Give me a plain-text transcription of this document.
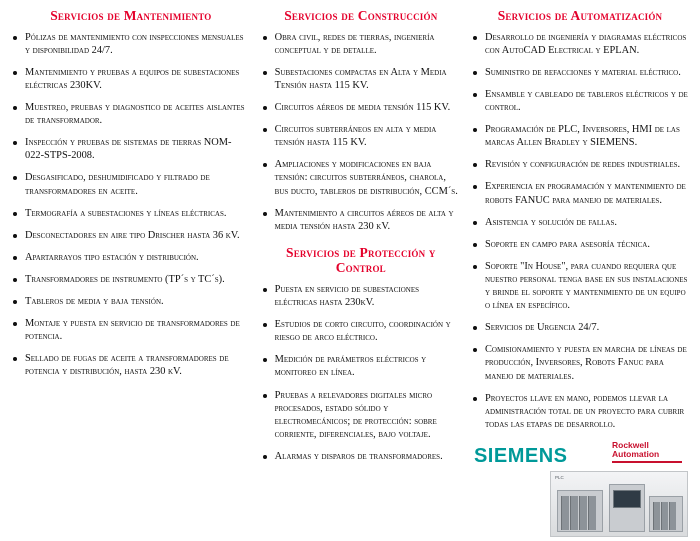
Servicios de Mantenimiento
Pólizas de mantenimiento con inspecciones mensuales y disponibilidad 24/7.
Mantenimiento y pruebas a equipos de subestaciones eléctricas 230KV.
Muestreo, pruebas y diagnostico de aceites aislantes de transformador.
Inspección y pruebas de sistemas de tierras NOM-022-STPS-2008.
Desgasificado, deshumidificado y filtrado de transformadores en aceite.
Termografía a subestaciones y líneas eléctricas.
Desconectadores en aire tipo Drischer hasta 36 kV.
Apartarrayos tipo estación y distribución.
Transformadores de instrumento (TP´s y TC´s).
Tableros de media y baja tensión.
Montaje y puesta en servicio de transformadores de potencia.
Sellado de fugas de aceite a transformadores de potencia y distribución, hasta 230 kV.
Servicios de Construcción
Obra civil, redes de tierras, ingeniería conceptual y de detalle.
Subestaciones compactas en Alta y Media Tensión hasta 115 KV.
Circuitos aéreos de media tensión 115 KV.
Circuitos subterráneos en alta y media tensión hasta 115 KV.
Ampliaciones y modificaciones en baja tensión: circuitos subterráneos, charola, bus ducto, tableros de distribución, CCM´s.
Mantenimiento a circuitos aéreos de alta y media tensión hasta 230 kV.
Servicios de Protección y Control
Puesta en servicio de subestaciones eléctricas hasta 230kV.
Estudios de corto circuito, coordinación y riesgo de arco eléctrico.
Medición de parámetros eléctricos y monitoreo en línea.
Pruebas a relevadores digitales micro procesados, estado sólido y electromecánicos; de protección: sobre corriente, diferenciales, bajo voltaje.
Alarmas y disparos de transformadores.
Servicios de Automatización
Desarrollo de ingeniería y diagramas eléctricos con AutoCAD Electrical y EPLAN.
Suministro de refacciones y material eléctrico.
Ensamble y cableado de tableros eléctricos y de control.
Programación de PLC, Inversores, HMI de las marcas Allen Bradley y SIEMENS.
Revisión y configuración de redes industriales.
Experiencia en programación y mantenimiento de robots FANUC para manejo de materiales.
Asistencia y solución de fallas.
Soporte en campo para asesoría técnica.
Soporte "In House", para cuando requiera que nuestro personal tenga base en sus instalaciones y brinde el soporte y mantenimiento de un equipo o línea en específico.
Servicios de Urgencia 24/7.
Comisionamiento y puesta en marcha de líneas de producción, Inversores, Robots Fanuc para manejo de materiales.
Proyectos llave en mano, podemos llevar la administración total de un proyecto para cubrir todas las etapas de desarrollo.
SIEMENS	Rockwell
Automation
PLC
